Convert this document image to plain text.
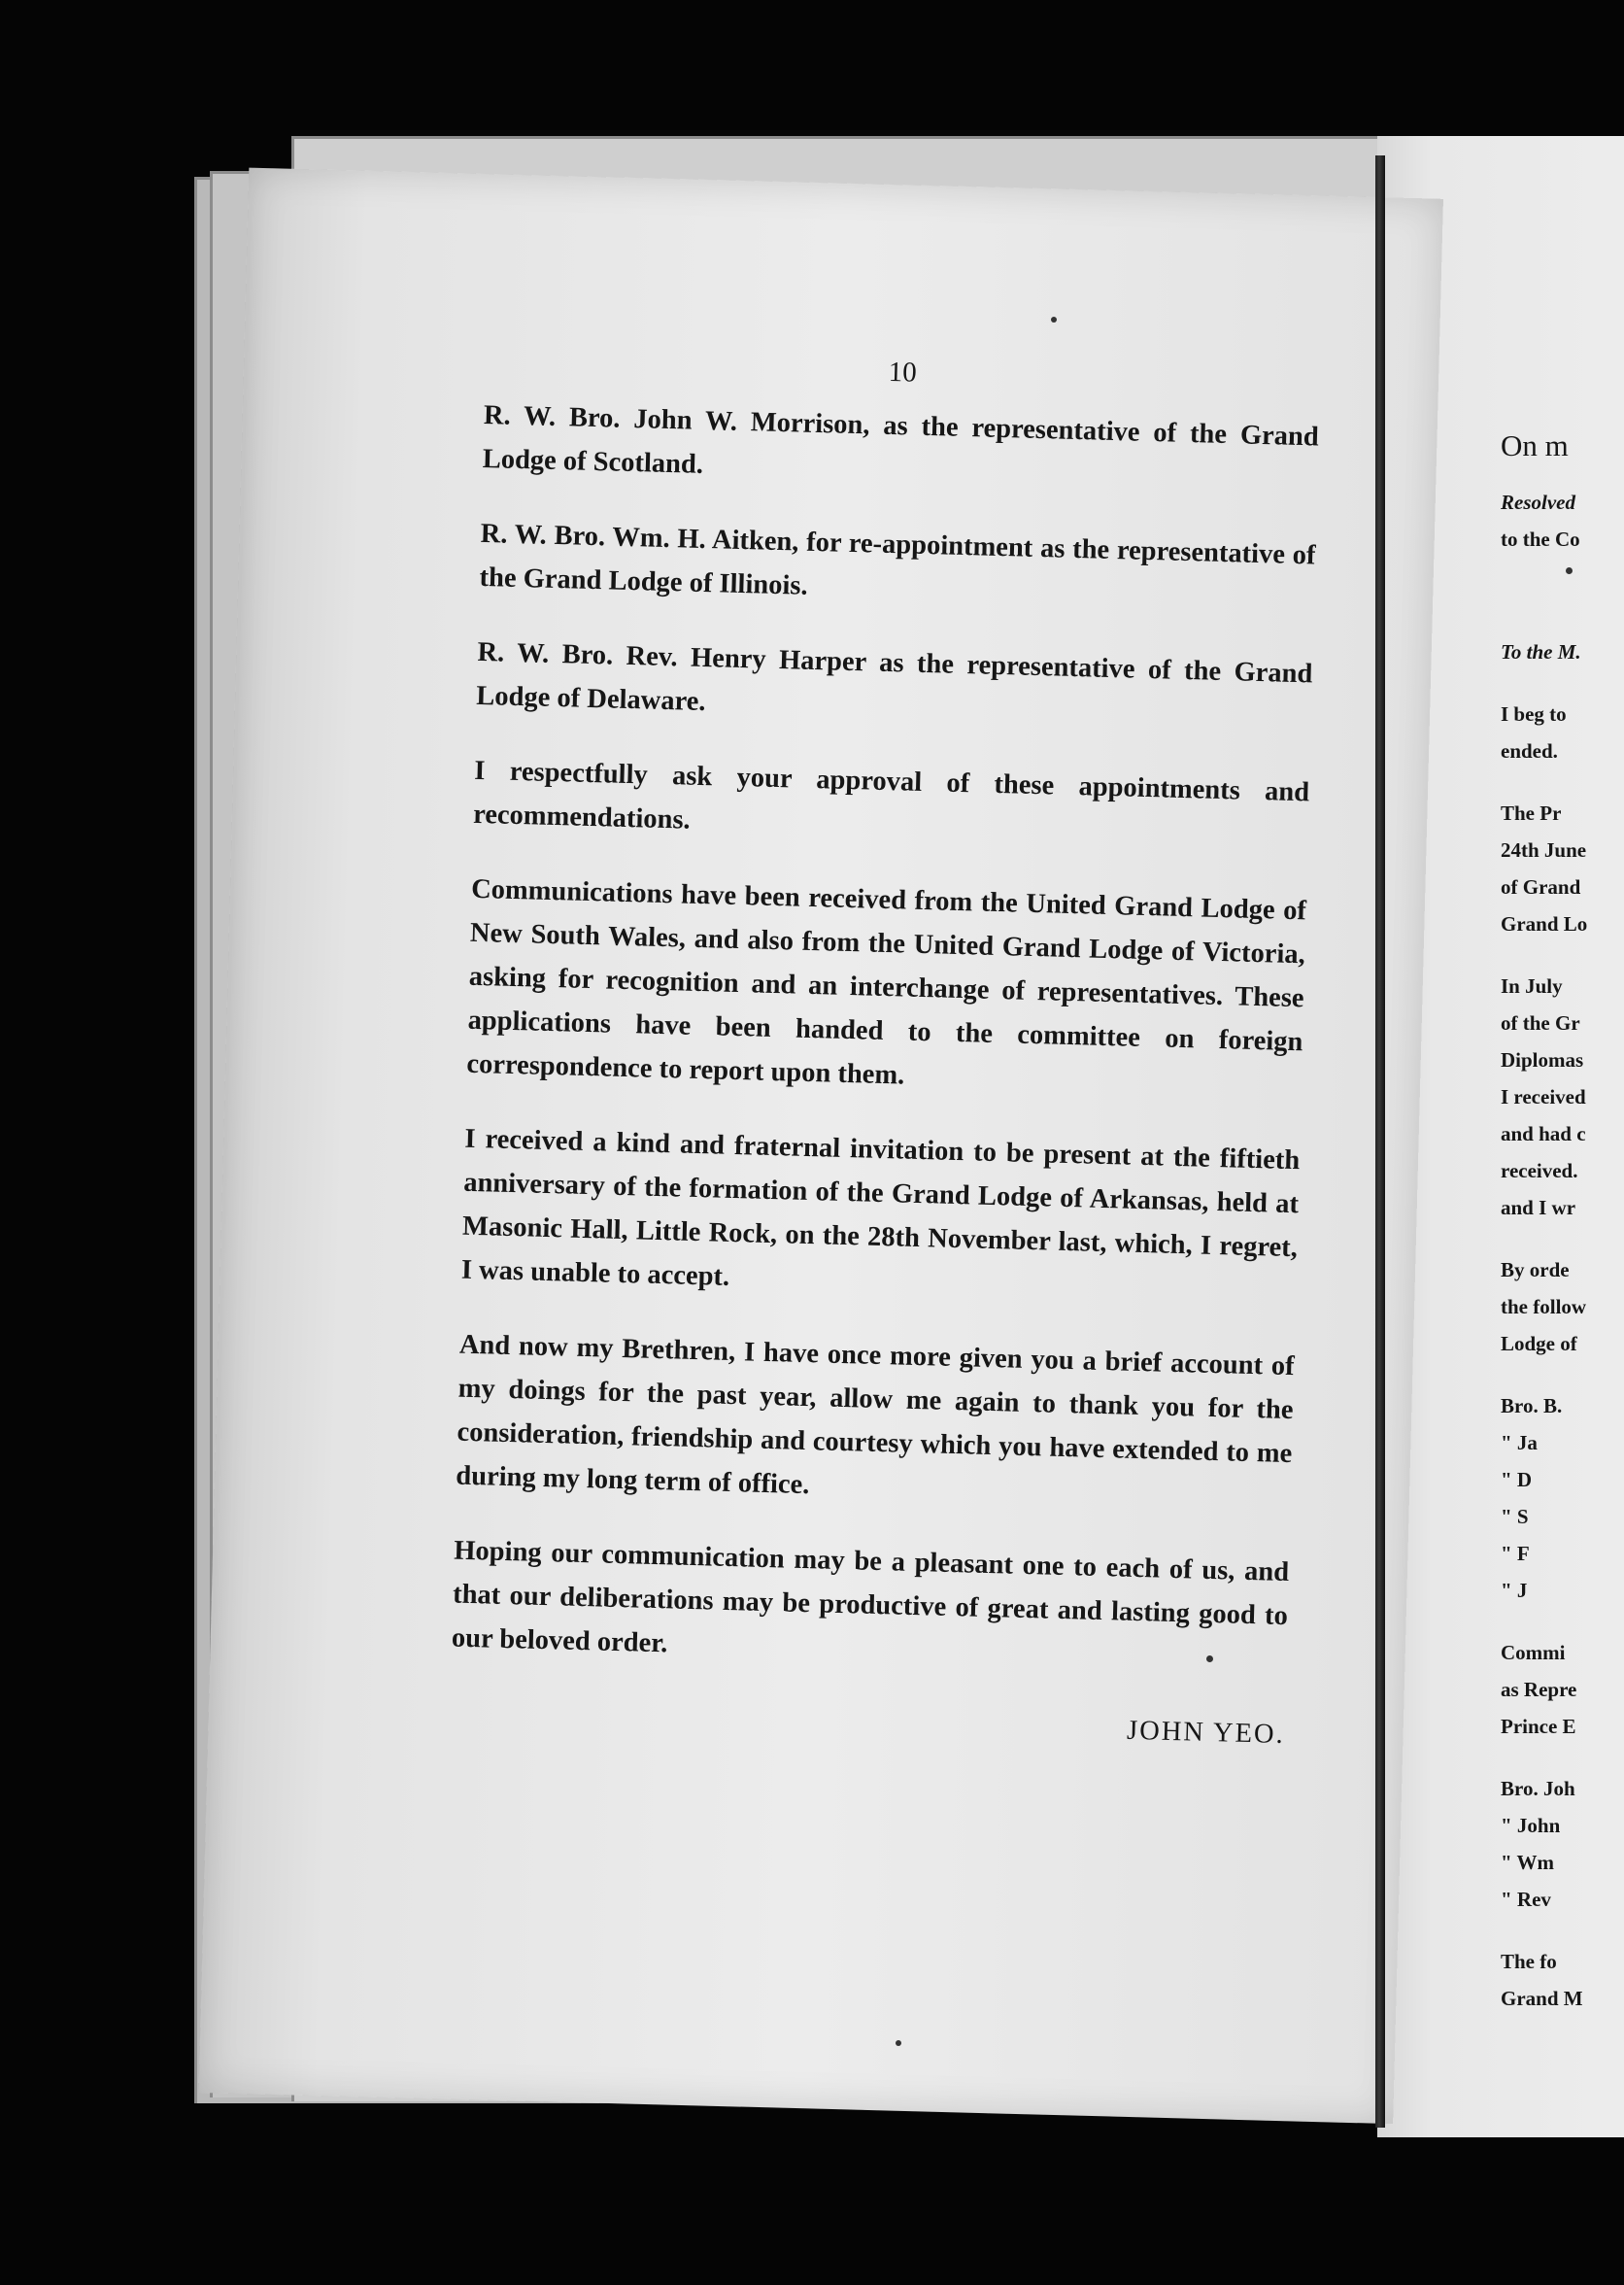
10

R. W. Bro. John W. Morrison, as the representative of the Grand Lodge of Scotland.

R. W. Bro. Wm. H. Aitken, for re-appointment as the representative of the Grand Lodge of Illinois.

R. W. Bro. Rev. Henry Harper as the representative of the Grand Lodge of Delaware.

I respectfully ask your approval of these appointments and recommendations.

Communications have been received from the United Grand Lodge of New South Wales, and also from the United Grand Lodge of Victoria, asking for recognition and an interchange of representatives. These applications have been handed to the committee on foreign correspondence to report upon them.

I received a kind and fraternal invitation to be present at the fiftieth anniversary of the formation of the Grand Lodge of Arkansas, held at Masonic Hall, Little Rock, on the 28th November last, which, I regret, I was unable to accept.

And now my Brethren, I have once more given you a brief account of my doings for the past year, allow me again to thank you for the consideration, friendship and courtesy which you have extended to me during my long term of office.

Hoping our communication may be a pleasant one to each of us, and that our deliberations may be productive of great and lasting good to our beloved order.

JOHN YEO.
On m
Resolved
to the Co
To the M.
I beg to
ended.
The Pr
24th June
of Grand
Grand Lo
In July
of the Gr
Diplomas
I received
and had c
received.
and I wr
By orde
the follow
Lodge of
Bro. B.
" Ja
" D
" S
" F
" J
Commi
as Repre
Prince E
Bro. Joh
" John
" Wm
" Rev
The fo
Grand M
